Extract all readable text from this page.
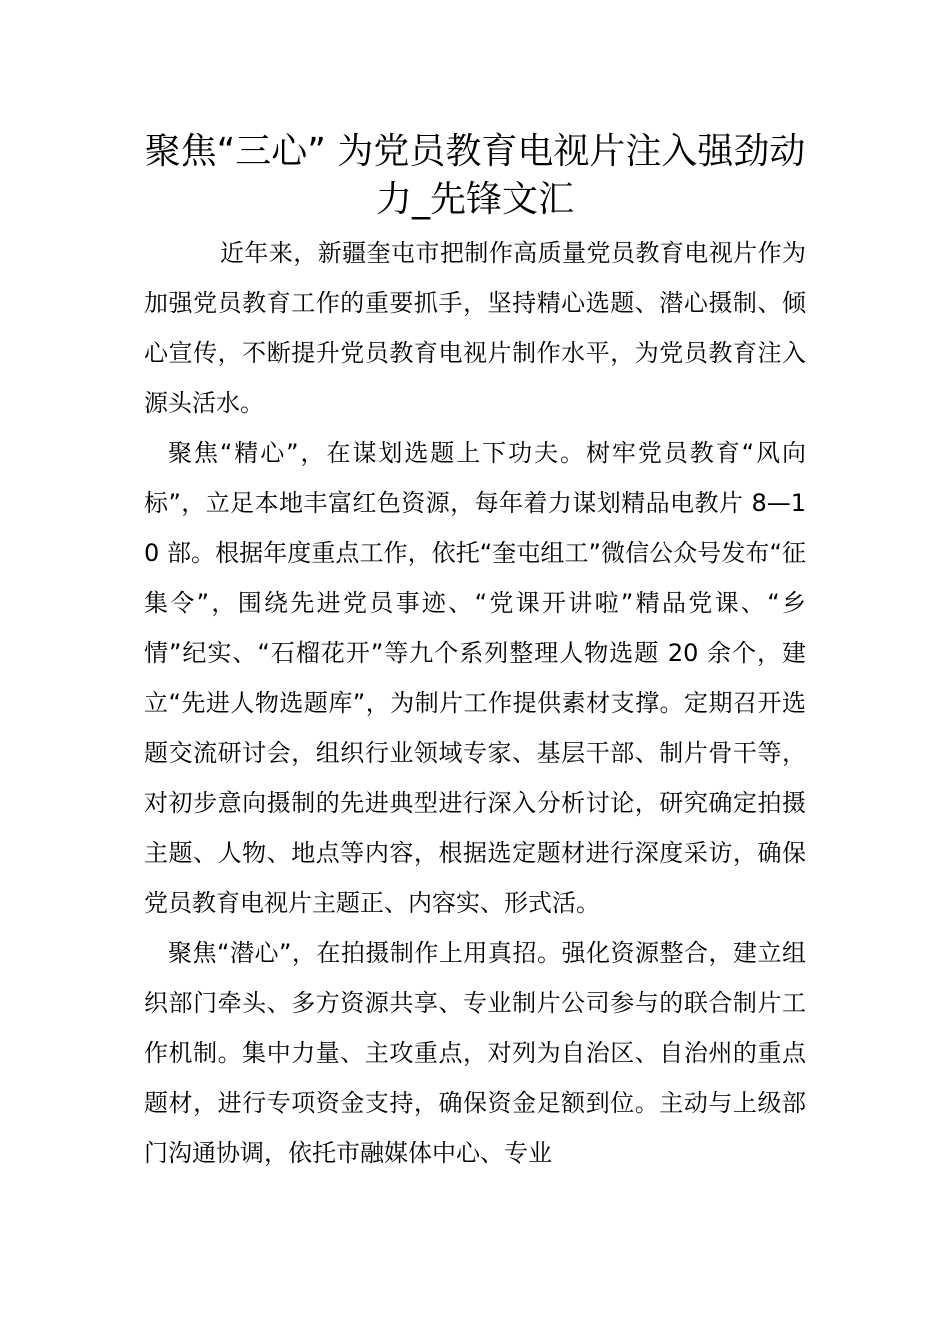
聚焦“三心” 为党员教育电视片注入强劲动力_先锋文汇

近年来，新疆奎屯市把制作高质量党员教育电视片作为加强党员教育工作的重要抓手，坚持精心选题、潜心摄制、倾心宣传，不断提升党员教育电视片制作水平，为党员教育注入源头活水。

聚焦“精心”，在谋划选题上下功夫。树牢党员教育“风向标”，立足本地丰富红色资源，每年着力谋划精品电教片 8—10 部。根据年度重点工作，依托“奎屯组工”微信公众号发布“征集令”，围绕先进党员事迹、“党课开讲啦”精品党课、“乡情”纪实、“石榴花开”等九个系列整理人物选题 20 余个，建立“先进人物选题库”，为制片工作提供素材支撑。定期召开选题交流研讨会，组织行业领域专家、基层干部、制片骨干等，对初步意向摄制的先进典型进行深入分析讨论，研究确定拍摄主题、人物、地点等内容，根据选定题材进行深度采访，确保党员教育电视片主题正、内容实、形式活。

聚焦“潜心”，在拍摄制作上用真招。强化资源整合，建立组织部门牵头、多方资源共享、专业制片公司参与的联合制片工作机制。集中力量、主攻重点，对列为自治区、自治州的重点题材，进行专项资金支持，确保资金足额到位。主动与上级部门沟通协调，依托市融媒体中心、专业
